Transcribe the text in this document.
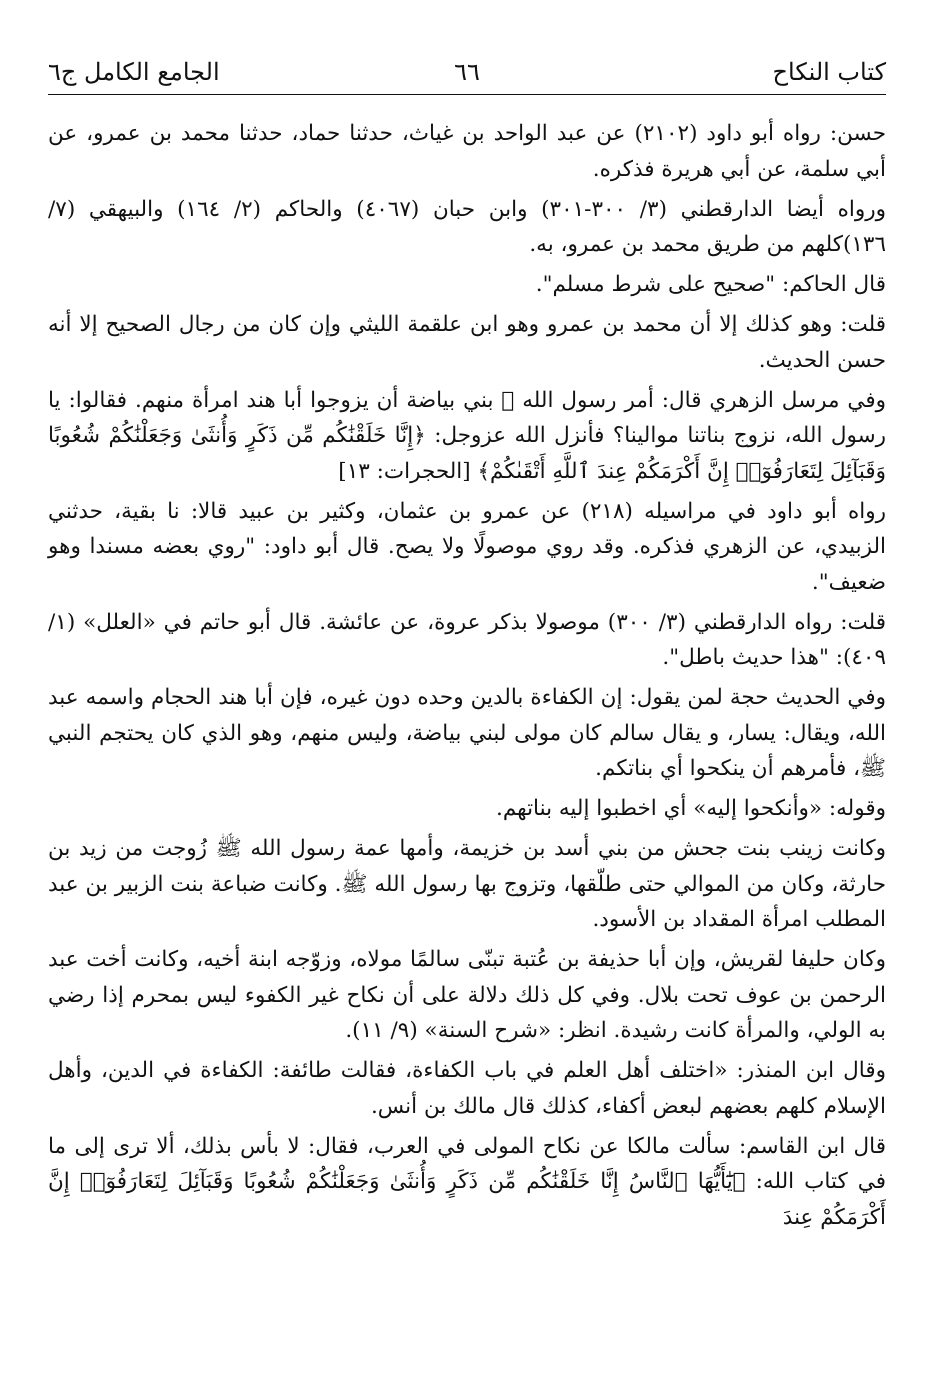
كتاب النكاح
٦٦
الجامع الكامل ج٦

حسن: رواه أبو داود (٢١٠٢) عن عبد الواحد بن غياث، حدثنا حماد، حدثنا محمد بن عمرو، عن أبي سلمة، عن أبي هريرة فذكره.

ورواه أيضا الدارقطني (٣/ ٣٠٠-٣٠١) وابن حبان (٤٠٦٧) والحاكم (٢/ ١٦٤) والبيهقي (٧/ ١٣٦)كلهم من طريق محمد بن عمرو، به.

قال الحاكم: "صحيح على شرط مسلم".

قلت: وهو كذلك إلا أن محمد بن عمرو وهو ابن علقمة الليثي وإن كان من رجال الصحيح إلا أنه حسن الحديث.

وفي مرسل الزهري قال: أمر رسول الله ﷺ بني بياضة أن يزوجوا أبا هند امرأة منهم. فقالوا: يا رسول الله، نزوج بناتنا موالينا؟ فأنزل الله عزوجل: ﴿إِنَّا خَلَقْنَٰكُم مِّن ذَكَرٍ وَأُنثَىٰ وَجَعَلْنَٰكُمْ شُعُوبًا وَقَبَآئِلَ لِتَعَارَفُوٓا۟ إِنَّ أَكْرَمَكُمْ عِندَ ٱللَّهِ أَتْقَىٰكُمْ﴾ [الحجرات: ١٣]

رواه أبو داود في مراسيله (٢١٨) عن عمرو بن عثمان، وكثير بن عبيد قالا: نا بقية، حدثني الزبيدي، عن الزهري فذكره. وقد روي موصولًا ولا يصح. قال أبو داود: "روي بعضه مسندا وهو ضعيف".

قلت: رواه الدارقطني (٣/ ٣٠٠) موصولا بذكر عروة، عن عائشة. قال أبو حاتم في «العلل» (١/ ٤٠٩): "هذا حديث باطل".

وفي الحديث حجة لمن يقول: إن الكفاءة بالدين وحده دون غيره، فإن أبا هند الحجام واسمه عبد الله، ويقال: يسار، و يقال سالم كان مولى لبني بياضة، وليس منهم، وهو الذي كان يحتجم النبي ﷺ، فأمرهم أن ينكحوا أي بناتكم.

وقوله: «وأنكحوا إليه» أي اخطبوا إليه بناتهم.

وكانت زينب بنت جحش من بني أسد بن خزيمة، وأمها عمة رسول الله ﷺ زُوجت من زيد بن حارثة، وكان من الموالي حتى طلّقها، وتزوج بها رسول الله ﷺ. وكانت ضباعة بنت الزبير بن عبد المطلب امرأة المقداد بن الأسود.

وكان حليفا لقريش، وإن أبا حذيفة بن عُتبة تبنّى سالمًا مولاه، وزوّجه ابنة أخيه، وكانت أخت عبد الرحمن بن عوف تحت بلال. وفي كل ذلك دلالة على أن نكاح غير الكفوء ليس بمحرم إذا رضي به الولي، والمرأة كانت رشيدة. انظر: «شرح السنة» (٩/ ١١).

وقال ابن المنذر: «اختلف أهل العلم في باب الكفاءة، فقالت طائفة: الكفاءة في الدين، وأهل الإسلام كلهم بعضهم لبعض أكفاء، كذلك قال مالك بن أنس.

قال ابن القاسم: سألت مالكا عن نكاح المولى في العرب، فقال: لا بأس بذلك، ألا ترى إلى ما في كتاب الله: ﴿يَٰٓأَيُّهَا ٱلنَّاسُ إِنَّا خَلَقْنَٰكُم مِّن ذَكَرٍ وَأُنثَىٰ وَجَعَلْنَٰكُمْ شُعُوبًا وَقَبَآئِلَ لِتَعَارَفُوٓا۟ إِنَّ أَكْرَمَكُمْ عِندَ
